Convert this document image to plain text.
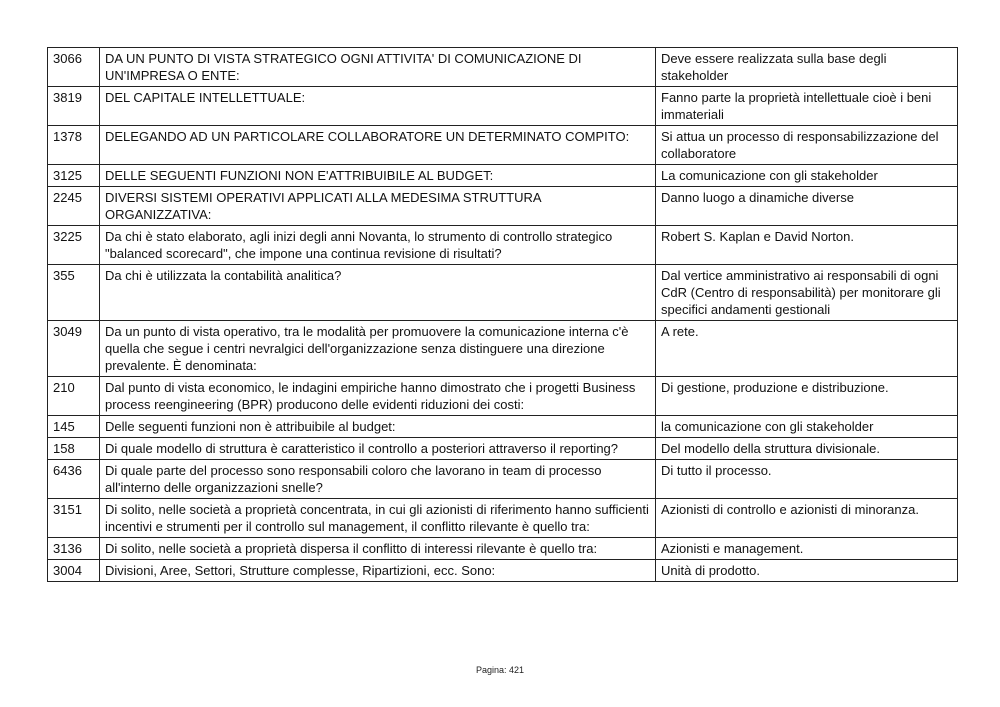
3066	DA UN PUNTO DI VISTA STRATEGICO OGNI ATTIVITA' DI COMUNICAZIONE DI UN'IMPRESA O ENTE:	Deve essere realizzata sulla base degli stakeholder
3819	DEL CAPITALE INTELLETTUALE:	Fanno parte la proprietà intellettuale cioè i beni immateriali
1378	DELEGANDO AD UN PARTICOLARE COLLABORATORE UN DETERMINATO COMPITO:	Si attua un processo di responsabilizzazione del collaboratore
3125	DELLE SEGUENTI FUNZIONI NON E'ATTRIBUIBILE AL BUDGET:	La comunicazione con gli stakeholder
2245	DIVERSI SISTEMI OPERATIVI APPLICATI ALLA MEDESIMA STRUTTURA ORGANIZZATIVA:	Danno luogo a dinamiche diverse
3225	Da chi è stato elaborato, agli inizi degli anni Novanta, lo strumento di controllo strategico "balanced scorecard", che impone una continua revisione di risultati?	Robert S. Kaplan e David Norton.
355	Da chi è utilizzata la contabilità analitica?	Dal vertice amministrativo ai responsabili di ogni CdR (Centro di responsabilità) per monitorare gli specifici andamenti gestionali
3049	Da un punto di vista operativo, tra le modalità per promuovere la comunicazione interna c'è quella che segue i centri nevralgici dell'organizzazione senza distinguere una direzione prevalente. È denominata:	A rete.
210	Dal punto di vista economico, le indagini empiriche hanno dimostrato che i progetti Business process reengineering (BPR) producono delle evidenti riduzioni dei costi:	Di gestione, produzione e distribuzione.
145	Delle seguenti funzioni non è attribuibile al budget:	la comunicazione con gli stakeholder
158	Di quale modello di struttura è caratteristico il controllo a posteriori attraverso il reporting?	Del modello della struttura divisionale.
6436	Di quale parte del processo sono responsabili coloro che lavorano in team di processo all'interno delle organizzazioni snelle?	Di tutto il processo.
3151	Di solito, nelle società a proprietà concentrata, in cui gli azionisti di riferimento hanno sufficienti incentivi e strumenti per il controllo sul management, il conflitto rilevante è quello tra:	Azionisti di controllo e azionisti di minoranza.
3136	Di solito, nelle società a proprietà dispersa il conflitto di interessi rilevante è quello tra:	Azionisti e management.
3004	Divisioni, Aree, Settori, Strutture complesse, Ripartizioni, ecc. Sono:	Unità di prodotto.
Pagina: 421
